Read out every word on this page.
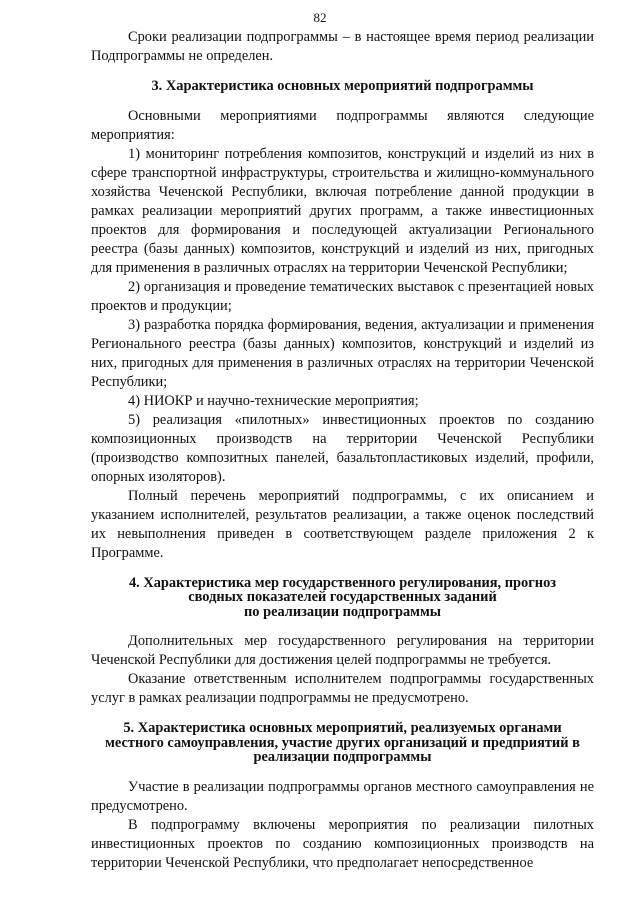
82

Сроки реализации подпрограммы – в настоящее время период реализации Подпрограммы не определен.

3. Характеристика основных мероприятий подпрограммы

Основными мероприятиями подпрограммы являются следующие мероприятия:

1) мониторинг потребления композитов, конструкций и изделий из них в сфере транспортной инфраструктуры, строительства и жилищно-коммунального хозяйства Чеченской Республики, включая потребление данной продукции в рамках реализации мероприятий других программ, а также инвестиционных проектов для формирования и последующей актуализации Регионального реестра (базы данных) композитов, конструкций и изделий из них, пригодных для применения в различных отраслях на территории Чеченской Республики;

2) организация и проведение тематических выставок с презентацией новых проектов и продукции;

3) разработка порядка формирования, ведения, актуализации и применения Регионального реестра (базы данных) композитов, конструкций и изделий из них, пригодных для применения в различных отраслях на территории Чеченской Республики;

4) НИОКР и научно-технические мероприятия;

5) реализация «пилотных» инвестиционных проектов по созданию композиционных производств на территории Чеченской Республики (производство композитных панелей, базальтопластиковых изделий, профили, опорных изоляторов).

Полный перечень мероприятий подпрограммы, с их описанием и указанием исполнителей, результатов реализации, а также оценок последствий их невыполнения приведен в соответствующем разделе приложения 2 к Программе.

4. Характеристика мер государственного регулирования, прогноз
сводных показателей государственных заданий
по реализации подпрограммы

Дополнительных мер государственного регулирования на территории Чеченской Республики для достижения целей подпрограммы не требуется.

Оказание ответственным исполнителем подпрограммы государственных услуг в рамках реализации подпрограммы не предусмотрено.

5. Характеристика основных мероприятий, реализуемых органами
местного самоуправления, участие других организаций и предприятий в
реализации подпрограммы

Участие в реализации подпрограммы органов местного самоуправления не предусмотрено.

В подпрограмму включены мероприятия по реализации пилотных инвестиционных проектов по созданию композиционных производств на территории Чеченской Республики, что предполагает непосредственное
